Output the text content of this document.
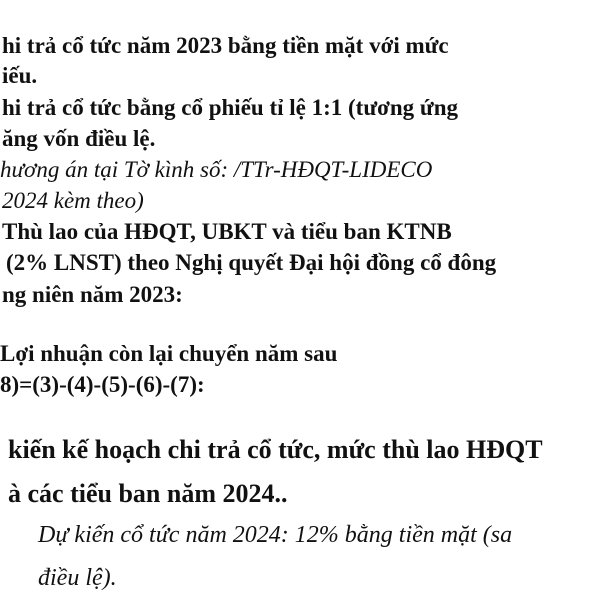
hi trả cổ tức năm 2023 bằng tiền mặt với mức
iếu.
hi trả cổ tức bằng cổ phiếu tỉ lệ 1:1 (tương ứng
ăng vốn điều lệ.
hương án tại Tờ kình số: /TTr-HĐQT-LIDECO
2024 kèm theo)
Thù lao của HĐQT, UBKT và tiểu ban KTNB
(2% LNST) theo Nghị quyết Đại hội đồng cổ đông
ng niên năm 2023:
Lợi nhuận còn lại chuyển năm sau
8)=(3)-(4)-(5)-(6)-(7):
kiến kế hoạch chi trả cổ tức, mức thù lao HĐQT
à các tiểu ban năm 2024..
Dự kiến cổ tức năm 2024: 12% bằng tiền mặt (sa
điều lệ).
